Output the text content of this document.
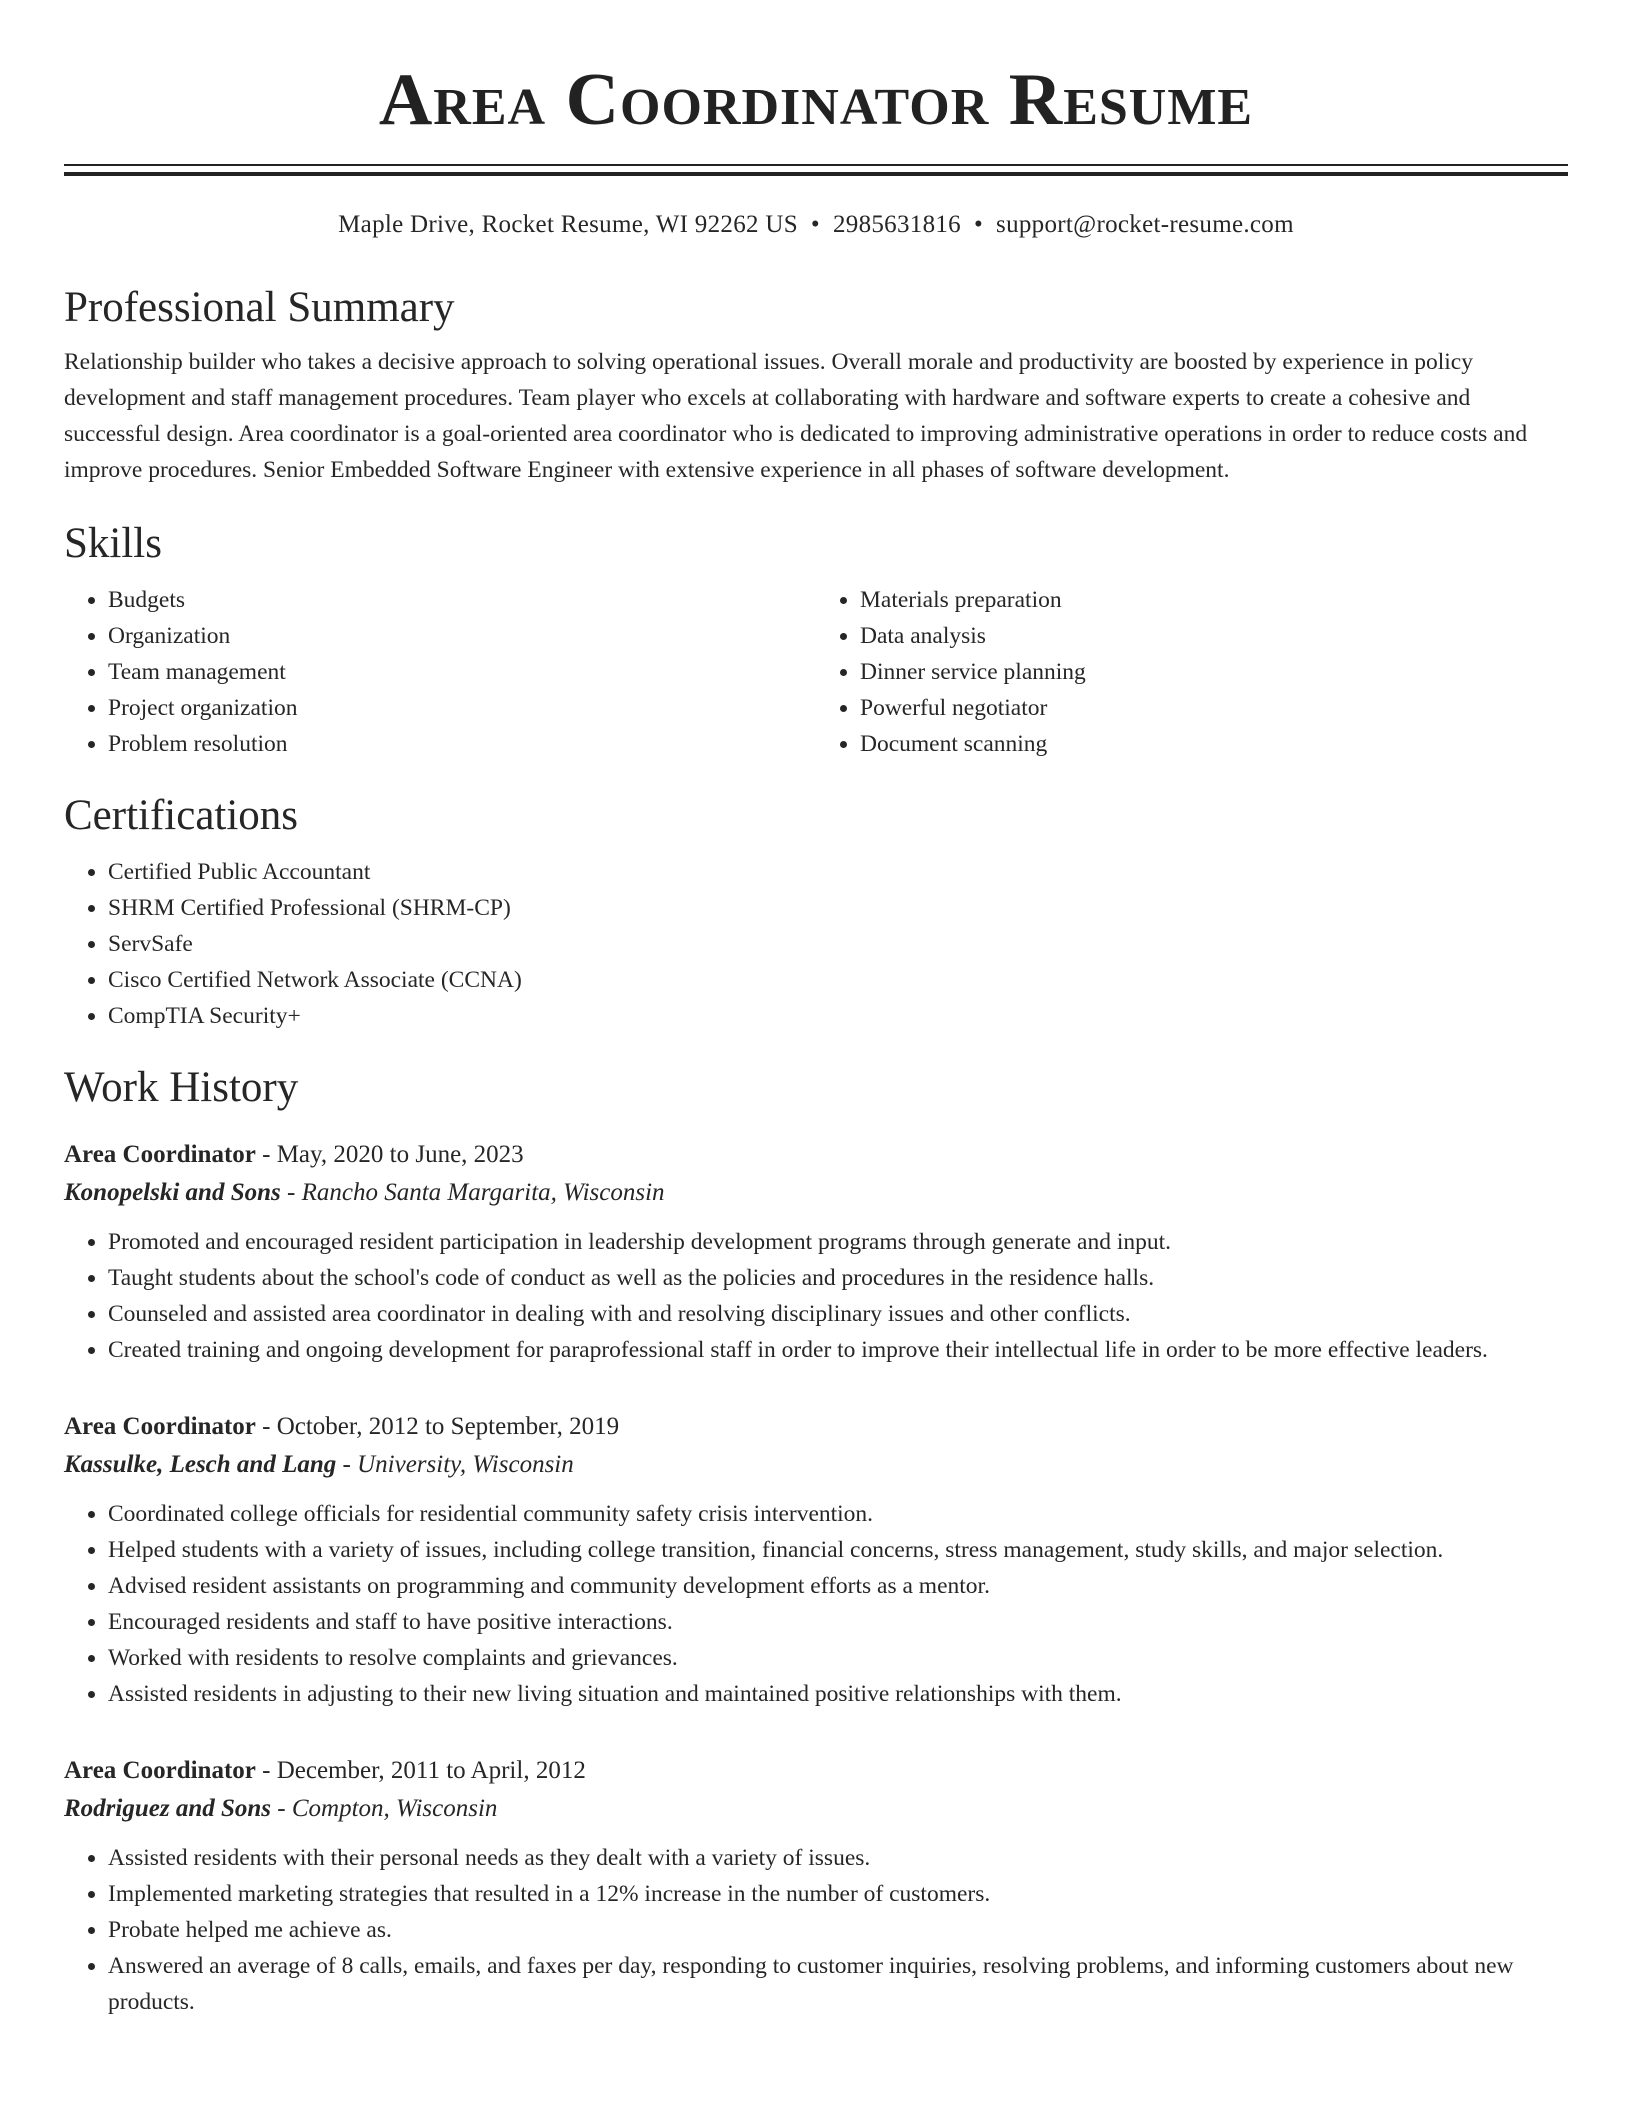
Area Coordinator Resume
Maple Drive, Rocket Resume, WI 92262 US • 2985631816 • support@rocket-resume.com
Professional Summary

Relationship builder who takes a decisive approach to solving operational issues. Overall morale and productivity are boosted by experience in policy development and staff management procedures. Team player who excels at collaborating with hardware and software experts to create a cohesive and successful design. Area coordinator is a goal-oriented area coordinator who is dedicated to improving administrative operations in order to reduce costs and improve procedures. Senior Embedded Software Engineer with extensive experience in all phases of software development.

Skills
• Budgets
• Organization
• Team management
• Project organization
• Problem resolution
• Materials preparation
• Data analysis
• Dinner service planning
• Powerful negotiator
• Document scanning
Certifications
• Certified Public Accountant
• SHRM Certified Professional (SHRM-CP)
• ServSafe
• Cisco Certified Network Associate (CCNA)
• CompTIA Security+
Work History
Area Coordinator - May, 2020 to June, 2023
Konopelski and Sons - Rancho Santa Margarita, Wisconsin
• Promoted and encouraged resident participation in leadership development programs through generate and input.
• Taught students about the school's code of conduct as well as the policies and procedures in the residence halls.
• Counseled and assisted area coordinator in dealing with and resolving disciplinary issues and other conflicts.
• Created training and ongoing development for paraprofessional staff in order to improve their intellectual life in order to be more effective leaders.
Area Coordinator - October, 2012 to September, 2019
Kassulke, Lesch and Lang - University, Wisconsin
• Coordinated college officials for residential community safety crisis intervention.
• Helped students with a variety of issues, including college transition, financial concerns, stress management, study skills, and major selection.
• Advised resident assistants on programming and community development efforts as a mentor.
• Encouraged residents and staff to have positive interactions.
• Worked with residents to resolve complaints and grievances.
• Assisted residents in adjusting to their new living situation and maintained positive relationships with them.
Area Coordinator - December, 2011 to April, 2012
Rodriguez and Sons - Compton, Wisconsin
• Assisted residents with their personal needs as they dealt with a variety of issues.
• Implemented marketing strategies that resulted in a 12% increase in the number of customers.
• Probate helped me achieve as.
• Answered an average of 8 calls, emails, and faxes per day, responding to customer inquiries, resolving problems, and informing customers about new products.
